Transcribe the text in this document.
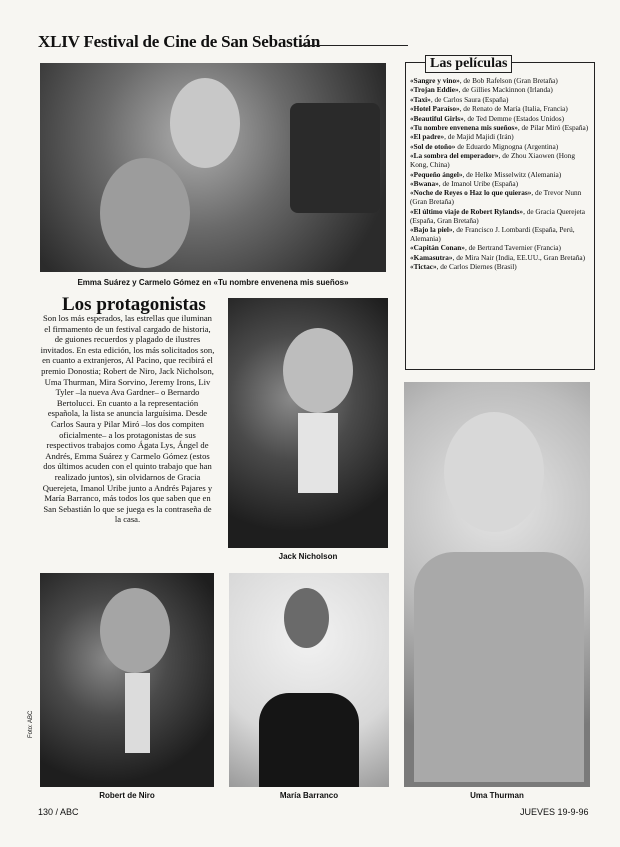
XLIV Festival de Cine de San Sebastián
Emma Suárez y Carmelo Gómez en «Tu nombre envenena mis sueños»
Las películas
«Sangre y vino», de Bob Rafelson (Gran Bretaña)
«Trojan Eddie», de Gillies Mackinnon (Irlanda)
«Taxi», de Carlos Saura (España)
«Hotel Paraíso», de Renato de María (Italia, Francia)
«Beautiful Girls», de Ted Demme (Estados Unidos)
«Tu nombre envenena mis sueños», de Pilar Miró (España)
«El padre», de Majid Majidi (Irán)
«Sol de otoño» de Eduardo Mignogna (Argentina)
«La sombra del emperador», de Zhou Xiaowen (Hong Kong, China)
«Pequeño ángel», de Helke Misselwitz (Alemania)
«Bwana», de Imanol Uribe (España)
«Noche de Reyes o Haz lo que quieras», de Trevor Nunn (Gran Bretaña)
«El último viaje de Robert Rylands», de Gracia Querejeta (España, Gran Bretaña)
«Bajo la piel», de Francisco J. Lombardi (España, Perú, Alemania)
«Capitán Conan», de Bertrand Tavernier (Francia)
«Kamasutra», de Mira Nair (India, EE.UU., Gran Bretaña)
«Tictac», de Carlos Diernes (Brasil)
Los protagonistas

Son los más esperados, las estrellas que iluminan el firmamento de un festival cargado de historia, de guiones recuerdos y plagado de ilustres invitados. En esta edición, los más solicitados son, en cuanto a extranjeros, Al Pacino, que recibirá el premio Donostia; Robert de Niro, Jack Nicholson, Uma Thurman, Mira Sorvino, Jeremy Irons, Liv Tyler –la nueva Ava Gardner– o Bernardo Bertolucci. En cuanto a la representación española, la lista se anuncia larguísima. Desde Carlos Saura y Pilar Miró –los dos compiten oficialmente– a los protagonistas de sus respectivos trabajos como Ágata Lys, Ángel de Andrés, Emma Suárez y Carmelo Gómez (estos dos últimos acuden con el quinto trabajo que han realizado juntos), sin olvidarnos de Gracia Querejeta, Imanol Uribe junto a Andrés Pajares y María Barranco, más todos los que saben que en San Sebastián lo que se juega es la contraseña de la casa.

Jack Nicholson
Uma Thurman
Robert de Niro	María Barranco
Foto: ABC
130 / ABC	JUEVES 19-9-96
